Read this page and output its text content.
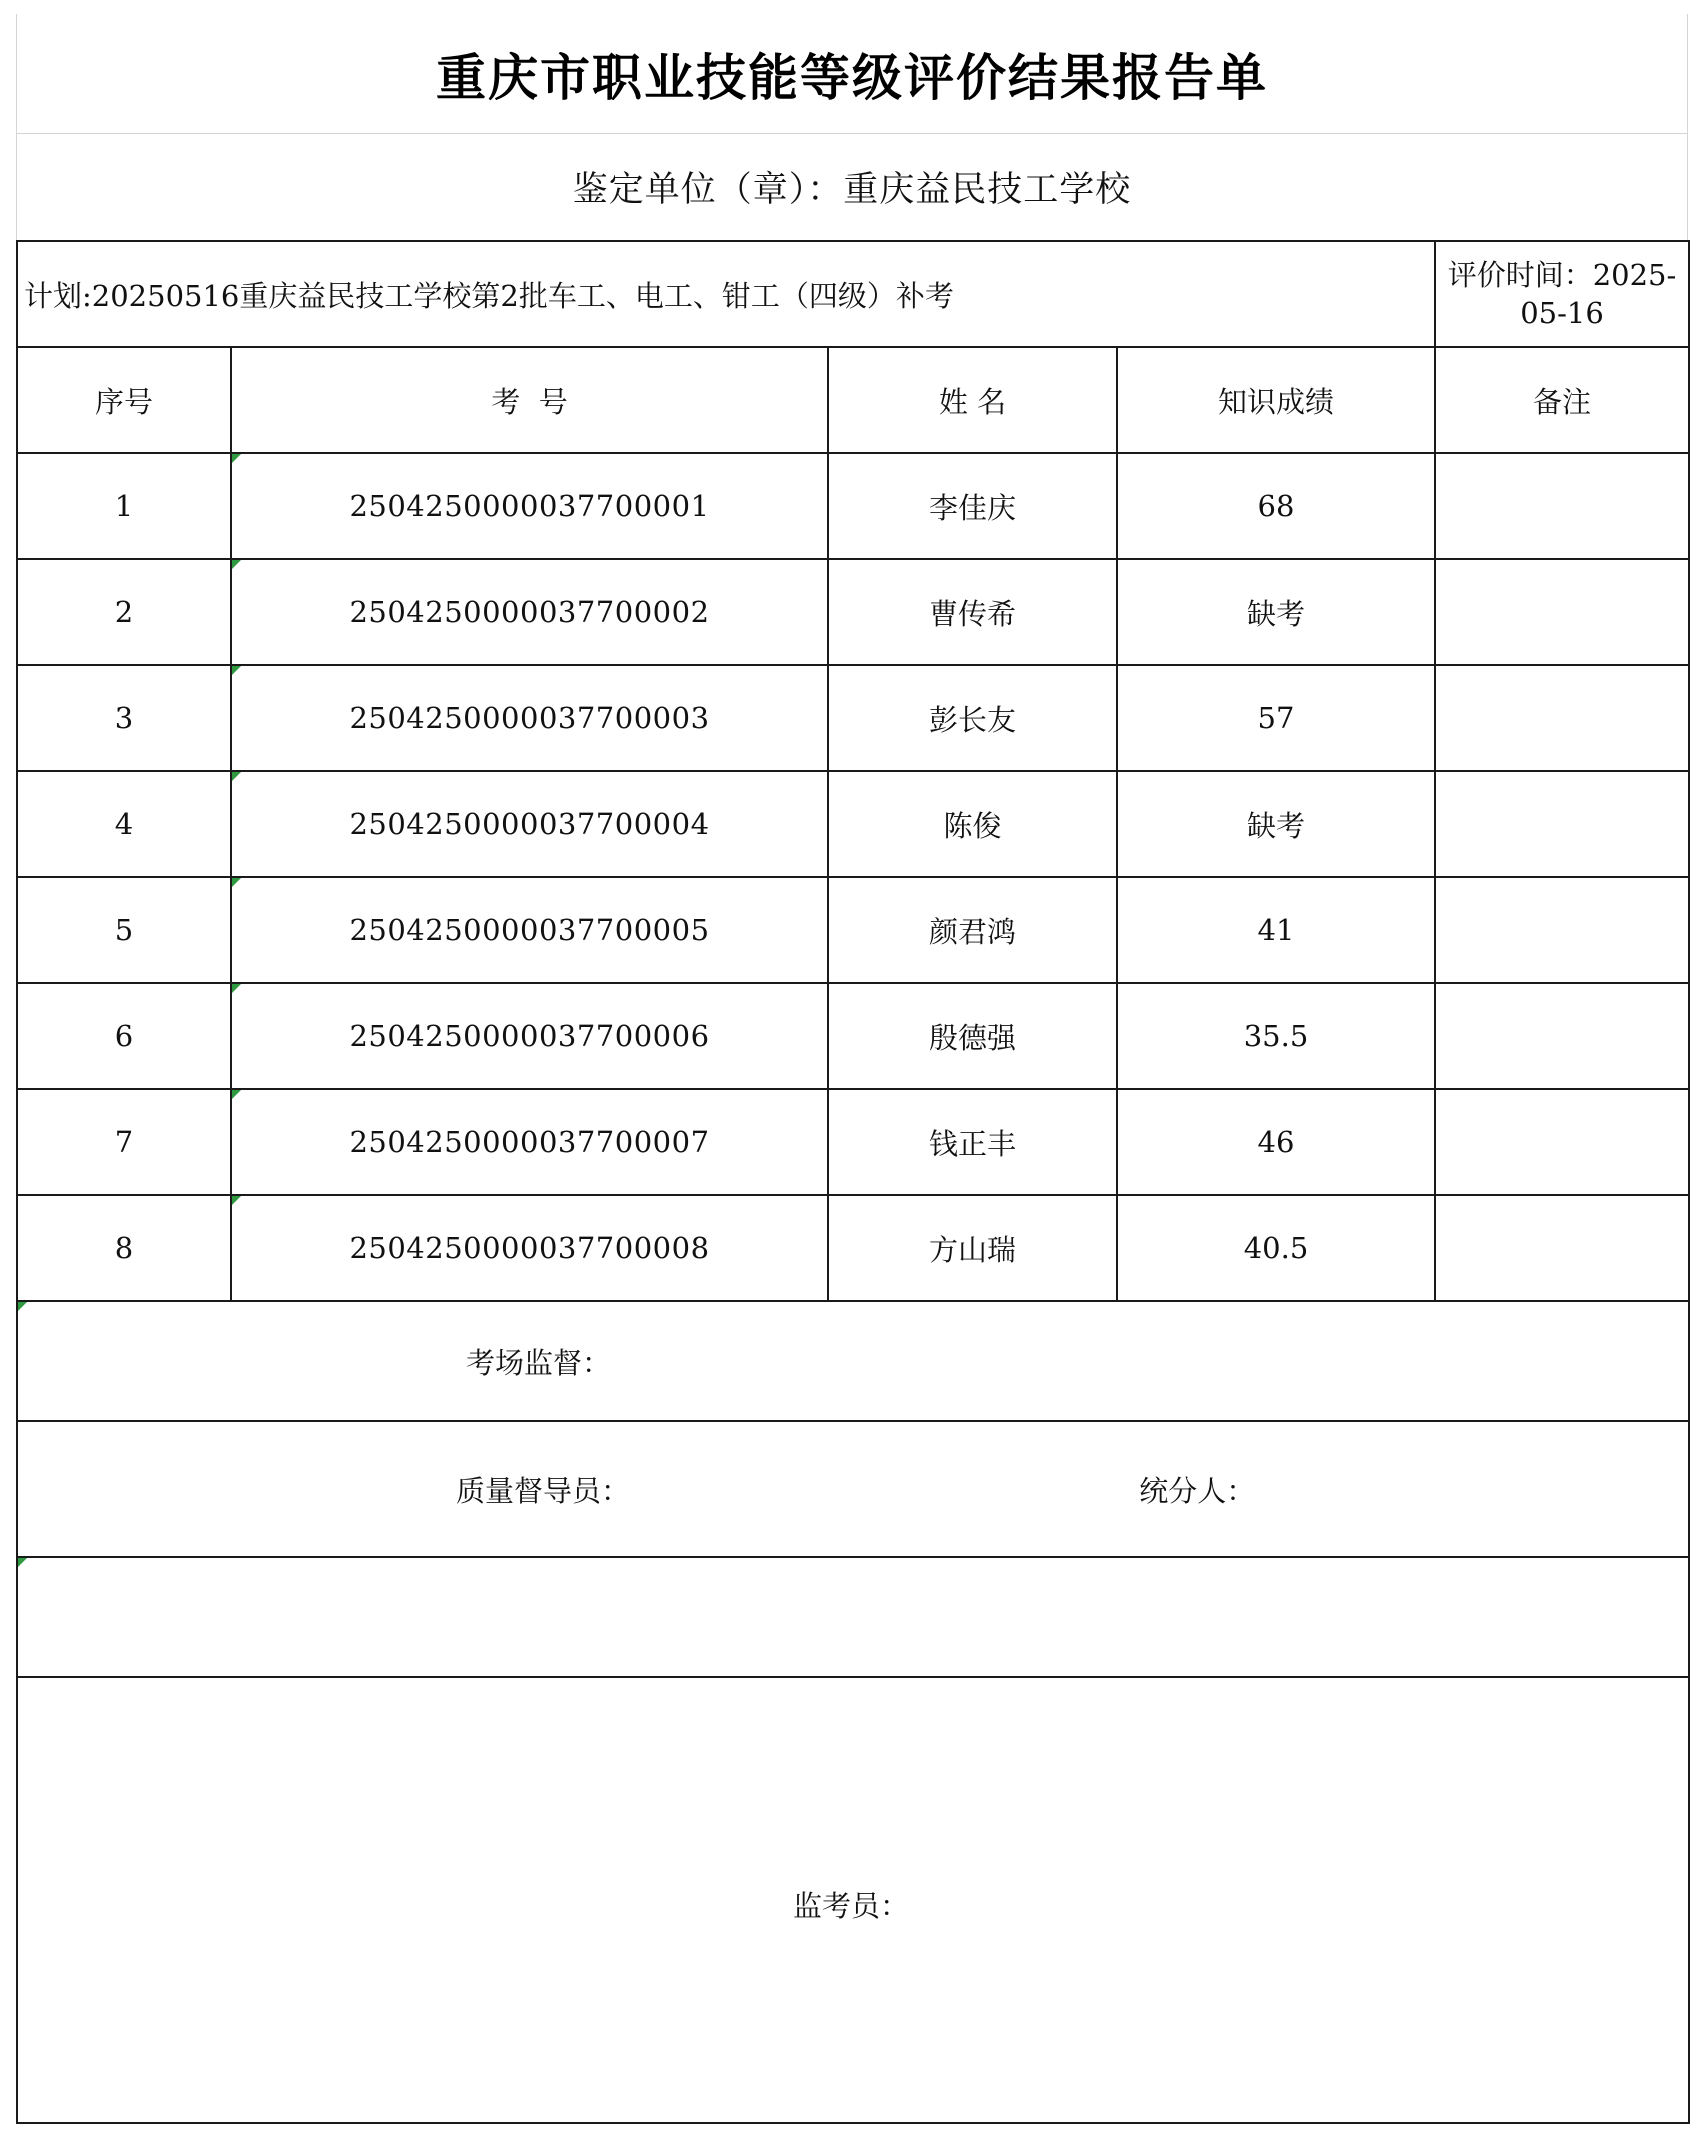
重庆市职业技能等级评价结果报告单
鉴定单位（章）：重庆益民技工学校
计划:20250516重庆益民技工学校第2批车工、电工、钳工（四级）补考				评价时间：2025-
05-16

序号	考  号	姓 名	知识成绩	备注
1	2504250000037700001	李佳庆	68	
2	2504250000037700002	曹传希	缺考	
3	2504250000037700003	彭长友	57	
4	2504250000037700004	陈俊	缺考	
5	2504250000037700005	颜君鸿	41	
6	2504250000037700006	殷德强	35.5	
7	2504250000037700007	钱正丰	46	
8	2504250000037700008	方山瑞	40.5	
考场监督：				
质量督导员： 统分人：				

监考员：				
